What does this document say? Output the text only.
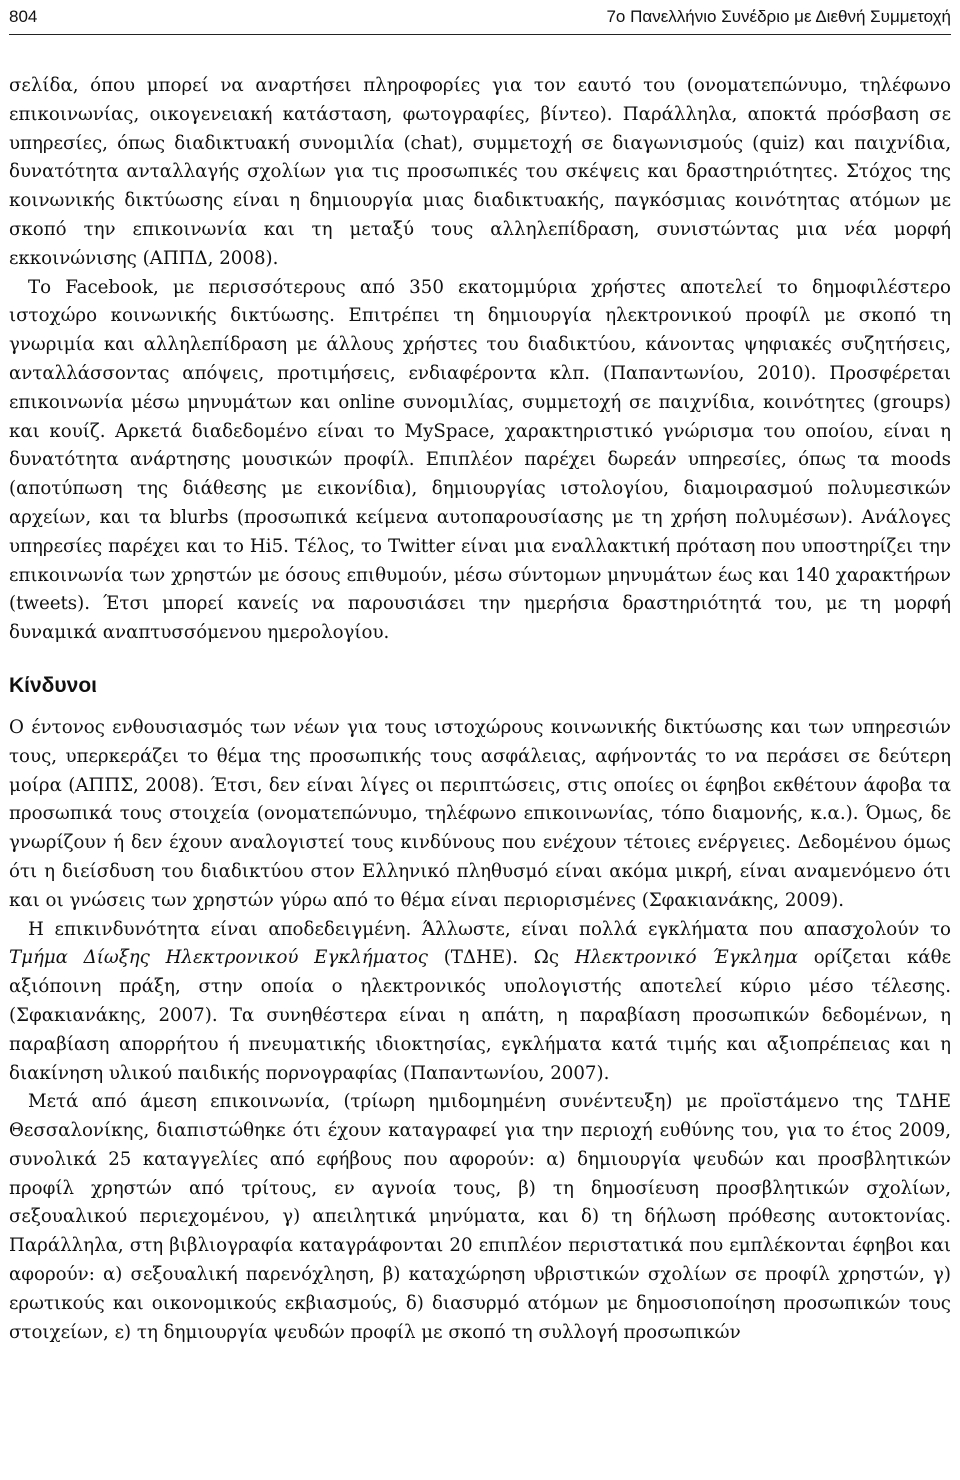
804	7ο Πανελλήνιο Συνέδριο με Διεθνή Συμμετοχή

σελίδα, όπου μπορεί να αναρτήσει πληροφορίες για τον εαυτό του (ονοματεπώνυμο, τηλέφωνο επικοινωνίας, οικογενειακή κατάσταση, φωτογραφίες, βίντεο). Παράλληλα, αποκτά πρόσβαση σε υπηρεσίες, όπως διαδικτυακή συνομιλία (chat), συμμετοχή σε διαγωνισμούς (quiz) και παιχνίδια, δυνατότητα ανταλλαγής σχολίων για τις προσωπικές του σκέψεις και δραστηριότητες. Στόχος της κοινωνικής δικτύωσης είναι η δημιουργία μιας διαδικτυακής, παγκόσμιας κοινότητας ατόμων με σκοπό την επικοινωνία και τη μεταξύ τους αλληλεπίδραση, συνιστώντας μια νέα μορφή εκκοινώνισης (ΑΠΠΔ, 2008).

Το Facebook, με περισσότερους από 350 εκατομμύρια χρήστες αποτελεί το δημοφιλέστερο ιστοχώρο κοινωνικής δικτύωσης. Επιτρέπει τη δημιουργία ηλεκτρονικού προφίλ με σκοπό τη γνωριμία και αλληλεπίδραση με άλλους χρήστες του διαδικτύου, κάνοντας ψηφιακές συζητήσεις, ανταλλάσσοντας απόψεις, προτιμήσεις, ενδιαφέροντα κλπ. (Παπαντωνίου, 2010). Προσφέρεται επικοινωνία μέσω μηνυμάτων και online συνομιλίας, συμμετοχή σε παιχνίδια, κοινότητες (groups) και κουίζ. Αρκετά διαδεδομένο είναι το MySpace, χαρακτηριστικό γνώρισμα του οποίου, είναι η δυνατότητα ανάρτησης μουσικών προφίλ. Επιπλέον παρέχει δωρεάν υπηρεσίες, όπως τα moods (αποτύπωση της διάθεσης με εικονίδια), δημιουργίας ιστολογίου, διαμοιρασμού πολυμεσικών αρχείων, και τα blurbs (προσωπικά κείμενα αυτοπαρουσίασης με τη χρήση πολυμέσων). Ανάλογες υπηρεσίες παρέχει και το Hi5. Τέλος, το Twitter είναι μια εναλλακτική πρόταση που υποστηρίζει την επικοινωνία των χρηστών με όσους επιθυμούν, μέσω σύντομων μηνυμάτων έως και 140 χαρακτήρων (tweets). Έτσι μπορεί κανείς να παρουσιάσει την ημερήσια δραστηριότητά του, με τη μορφή δυναμικά αναπτυσσόμενου ημερολογίου.

Κίνδυνοι

Ο έντονος ενθουσιασμός των νέων για τους ιστοχώρους κοινωνικής δικτύωσης και των υπηρεσιών τους, υπερκεράζει το θέμα της προσωπικής τους ασφάλειας, αφήνοντάς το να περάσει σε δεύτερη μοίρα (ΑΠΠΣ, 2008). Έτσι, δεν είναι λίγες οι περιπτώσεις, στις οποίες οι έφηβοι εκθέτουν άφοβα τα προσωπικά τους στοιχεία (ονοματεπώνυμο, τηλέφωνο επικοινωνίας, τόπο διαμονής, κ.α.). Όμως, δε γνωρίζουν ή δεν έχουν αναλογιστεί τους κινδύνους που ενέχουν τέτοιες ενέργειες. Δεδομένου όμως ότι η διείσδυση του διαδικτύου στον Ελληνικό πληθυσμό είναι ακόμα μικρή, είναι αναμενόμενο ότι και οι γνώσεις των χρηστών γύρω από το θέμα είναι περιορισμένες (Σφακιανάκης, 2009).

Η επικινδυνότητα είναι αποδεδειγμένη. Άλλωστε, είναι πολλά εγκλήματα που απασχολούν το Τμήμα Δίωξης Ηλεκτρονικού Εγκλήματος (ΤΔΗΕ). Ως Ηλεκτρονικό Έγκλημα ορίζεται κάθε αξιόποινη πράξη, στην οποία ο ηλεκτρονικός υπολογιστής αποτελεί κύριο μέσο τέλεσης. (Σφακιανάκης, 2007). Τα συνηθέστερα είναι η απάτη, η παραβίαση προσωπικών δεδομένων, η παραβίαση απορρήτου ή πνευματικής ιδιοκτησίας, εγκλήματα κατά τιμής και αξιοπρέπειας και η διακίνηση υλικού παιδικής πορνογραφίας (Παπαντωνίου, 2007).

Μετά από άμεση επικοινωνία, (τρίωρη ημιδομημένη συνέντευξη) με προϊστάμενο της ΤΔΗΕ Θεσσαλονίκης, διαπιστώθηκε ότι έχουν καταγραφεί για την περιοχή ευθύνης του, για το έτος 2009, συνολικά 25 καταγγελίες από εφήβους που αφορούν: α) δημιουργία ψευδών και προσβλητικών προφίλ χρηστών από τρίτους, εν αγνοία τους, β) τη δημοσίευση προσβλητικών σχολίων, σεξουαλικού περιεχομένου, γ) απειλητικά μηνύματα, και δ) τη δήλωση πρόθεσης αυτοκτονίας. Παράλληλα, στη βιβλιογραφία καταγράφονται 20 επιπλέον περιστατικά που εμπλέκονται έφηβοι και αφορούν: α) σεξουαλική παρενόχληση, β) καταχώρηση υβριστικών σχολίων σε προφίλ χρηστών, γ) ερωτικούς και οικονομικούς εκβιασμούς, δ) διασυρμό ατόμων με δημοσιοποίηση προσωπικών τους στοιχείων, ε) τη δημιουργία ψευδών προφίλ με σκοπό τη συλλογή προσωπικών
